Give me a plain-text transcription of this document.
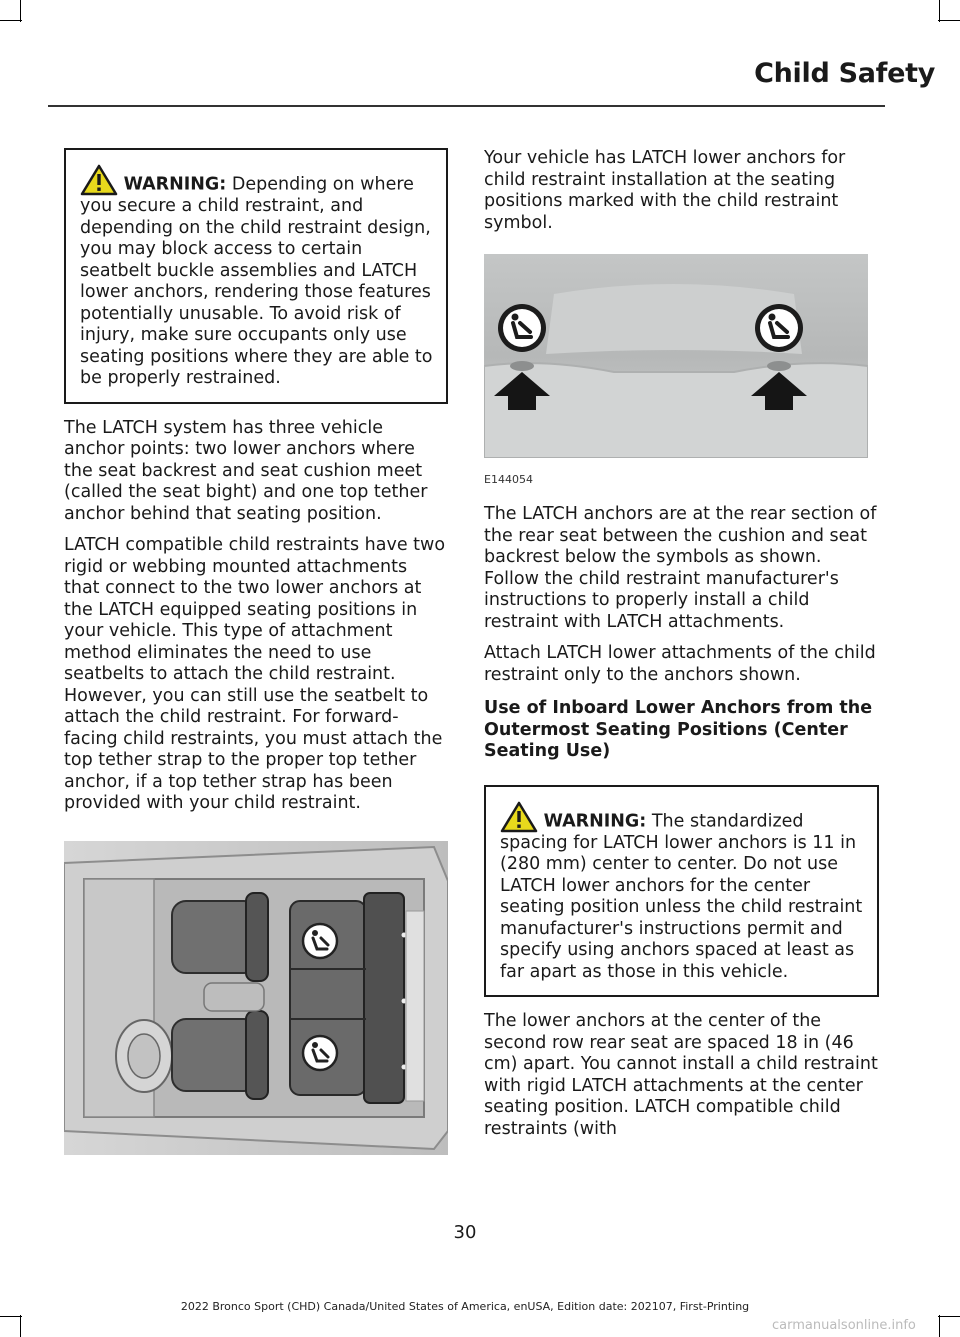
Child Safety
WARNING: Depending on where you secure a child restraint, and depending on the child restraint design, you may block access to certain seatbelt buckle assemblies and LATCH lower anchors, rendering those features potentially unusable. To avoid risk of injury, make sure occupants only use seating positions where they are able to be properly restrained.

The LATCH system has three vehicle anchor points: two lower anchors where the seat backrest and seat cushion meet (called the seat bight) and one top tether anchor behind that seating position.

LATCH compatible child restraints have two rigid or webbing mounted attachments that connect to the two lower anchors at the LATCH equipped seating positions in your vehicle. This type of attachment method eliminates the need to use seatbelts to attach the child restraint. However, you can still use the seatbelt to attach the child restraint. For forward-facing child restraints, you must attach the top tether strap to the proper top tether anchor, if a top tether strap has been provided with your child restraint.

Your vehicle has LATCH lower anchors for child restraint installation at the seating positions marked with the child restraint symbol.

E144054

The LATCH anchors are at the rear section of the rear seat between the cushion and seat backrest below the symbols as shown. Follow the child restraint manufacturer's instructions to properly install a child restraint with LATCH attachments.

Attach LATCH lower attachments of the child restraint only to the anchors shown.

Use of Inboard Lower Anchors from the Outermost Seating Positions (Center Seating Use)
WARNING: The standardized spacing for LATCH lower anchors is 11 in (280 mm) center to center. Do not use LATCH lower anchors for the center seating position unless the child restraint manufacturer's instructions permit and specify using anchors spaced at least as far apart as those in this vehicle.

The lower anchors at the center of the second row rear seat are spaced 18 in (46 cm) apart. You cannot install a child restraint with rigid LATCH attachments at the center seating position. LATCH compatible child restraints (with

30
2022 Bronco Sport (CHD) Canada/United States of America, enUSA, Edition date: 202107, First-Printing
carmanualsonline.info
